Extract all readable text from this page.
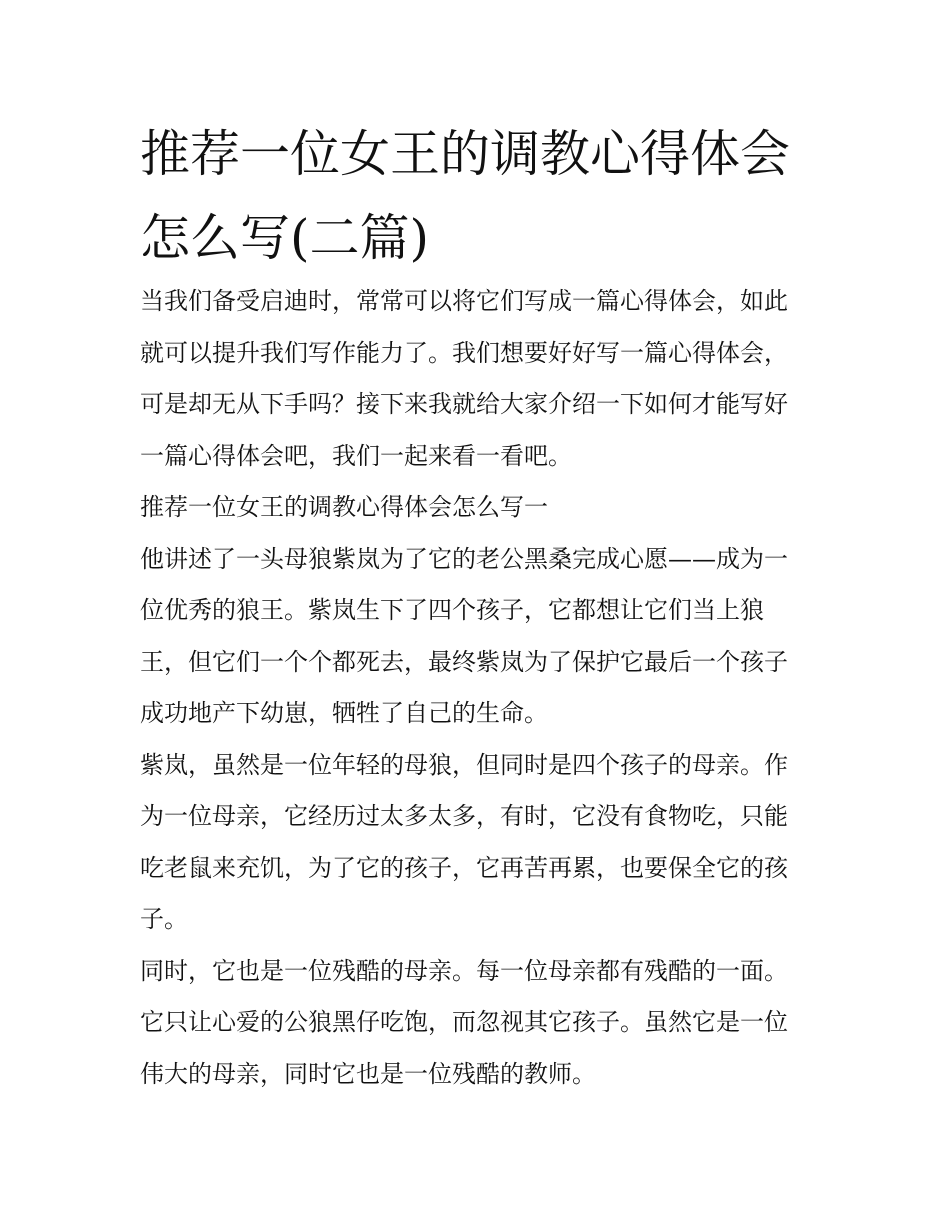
推荐一位女王的调教心得体会
怎么写(二篇)

当我们备受启迪时，常常可以将它们写成一篇心得体会，如此
就可以提升我们写作能力了。我们想要好好写一篇心得体会，
可是却无从下手吗？接下来我就给大家介绍一下如何才能写好
一篇心得体会吧，我们一起来看一看吧。

推荐一位女王的调教心得体会怎么写一

他讲述了一头母狼紫岚为了它的老公黑桑完成心愿——成为一
位优秀的狼王。紫岚生下了四个孩子，它都想让它们当上狼
王，但它们一个个都死去，最终紫岚为了保护它最后一个孩子
成功地产下幼崽，牺牲了自己的生命。

紫岚，虽然是一位年轻的母狼，但同时是四个孩子的母亲。作
为一位母亲，它经历过太多太多，有时，它没有食物吃，只能
吃老鼠来充饥，为了它的孩子，它再苦再累，也要保全它的孩
子。

同时，它也是一位残酷的母亲。每一位母亲都有残酷的一面。
它只让心爱的公狼黑仔吃饱，而忽视其它孩子。虽然它是一位
伟大的母亲，同时它也是一位残酷的教师。
